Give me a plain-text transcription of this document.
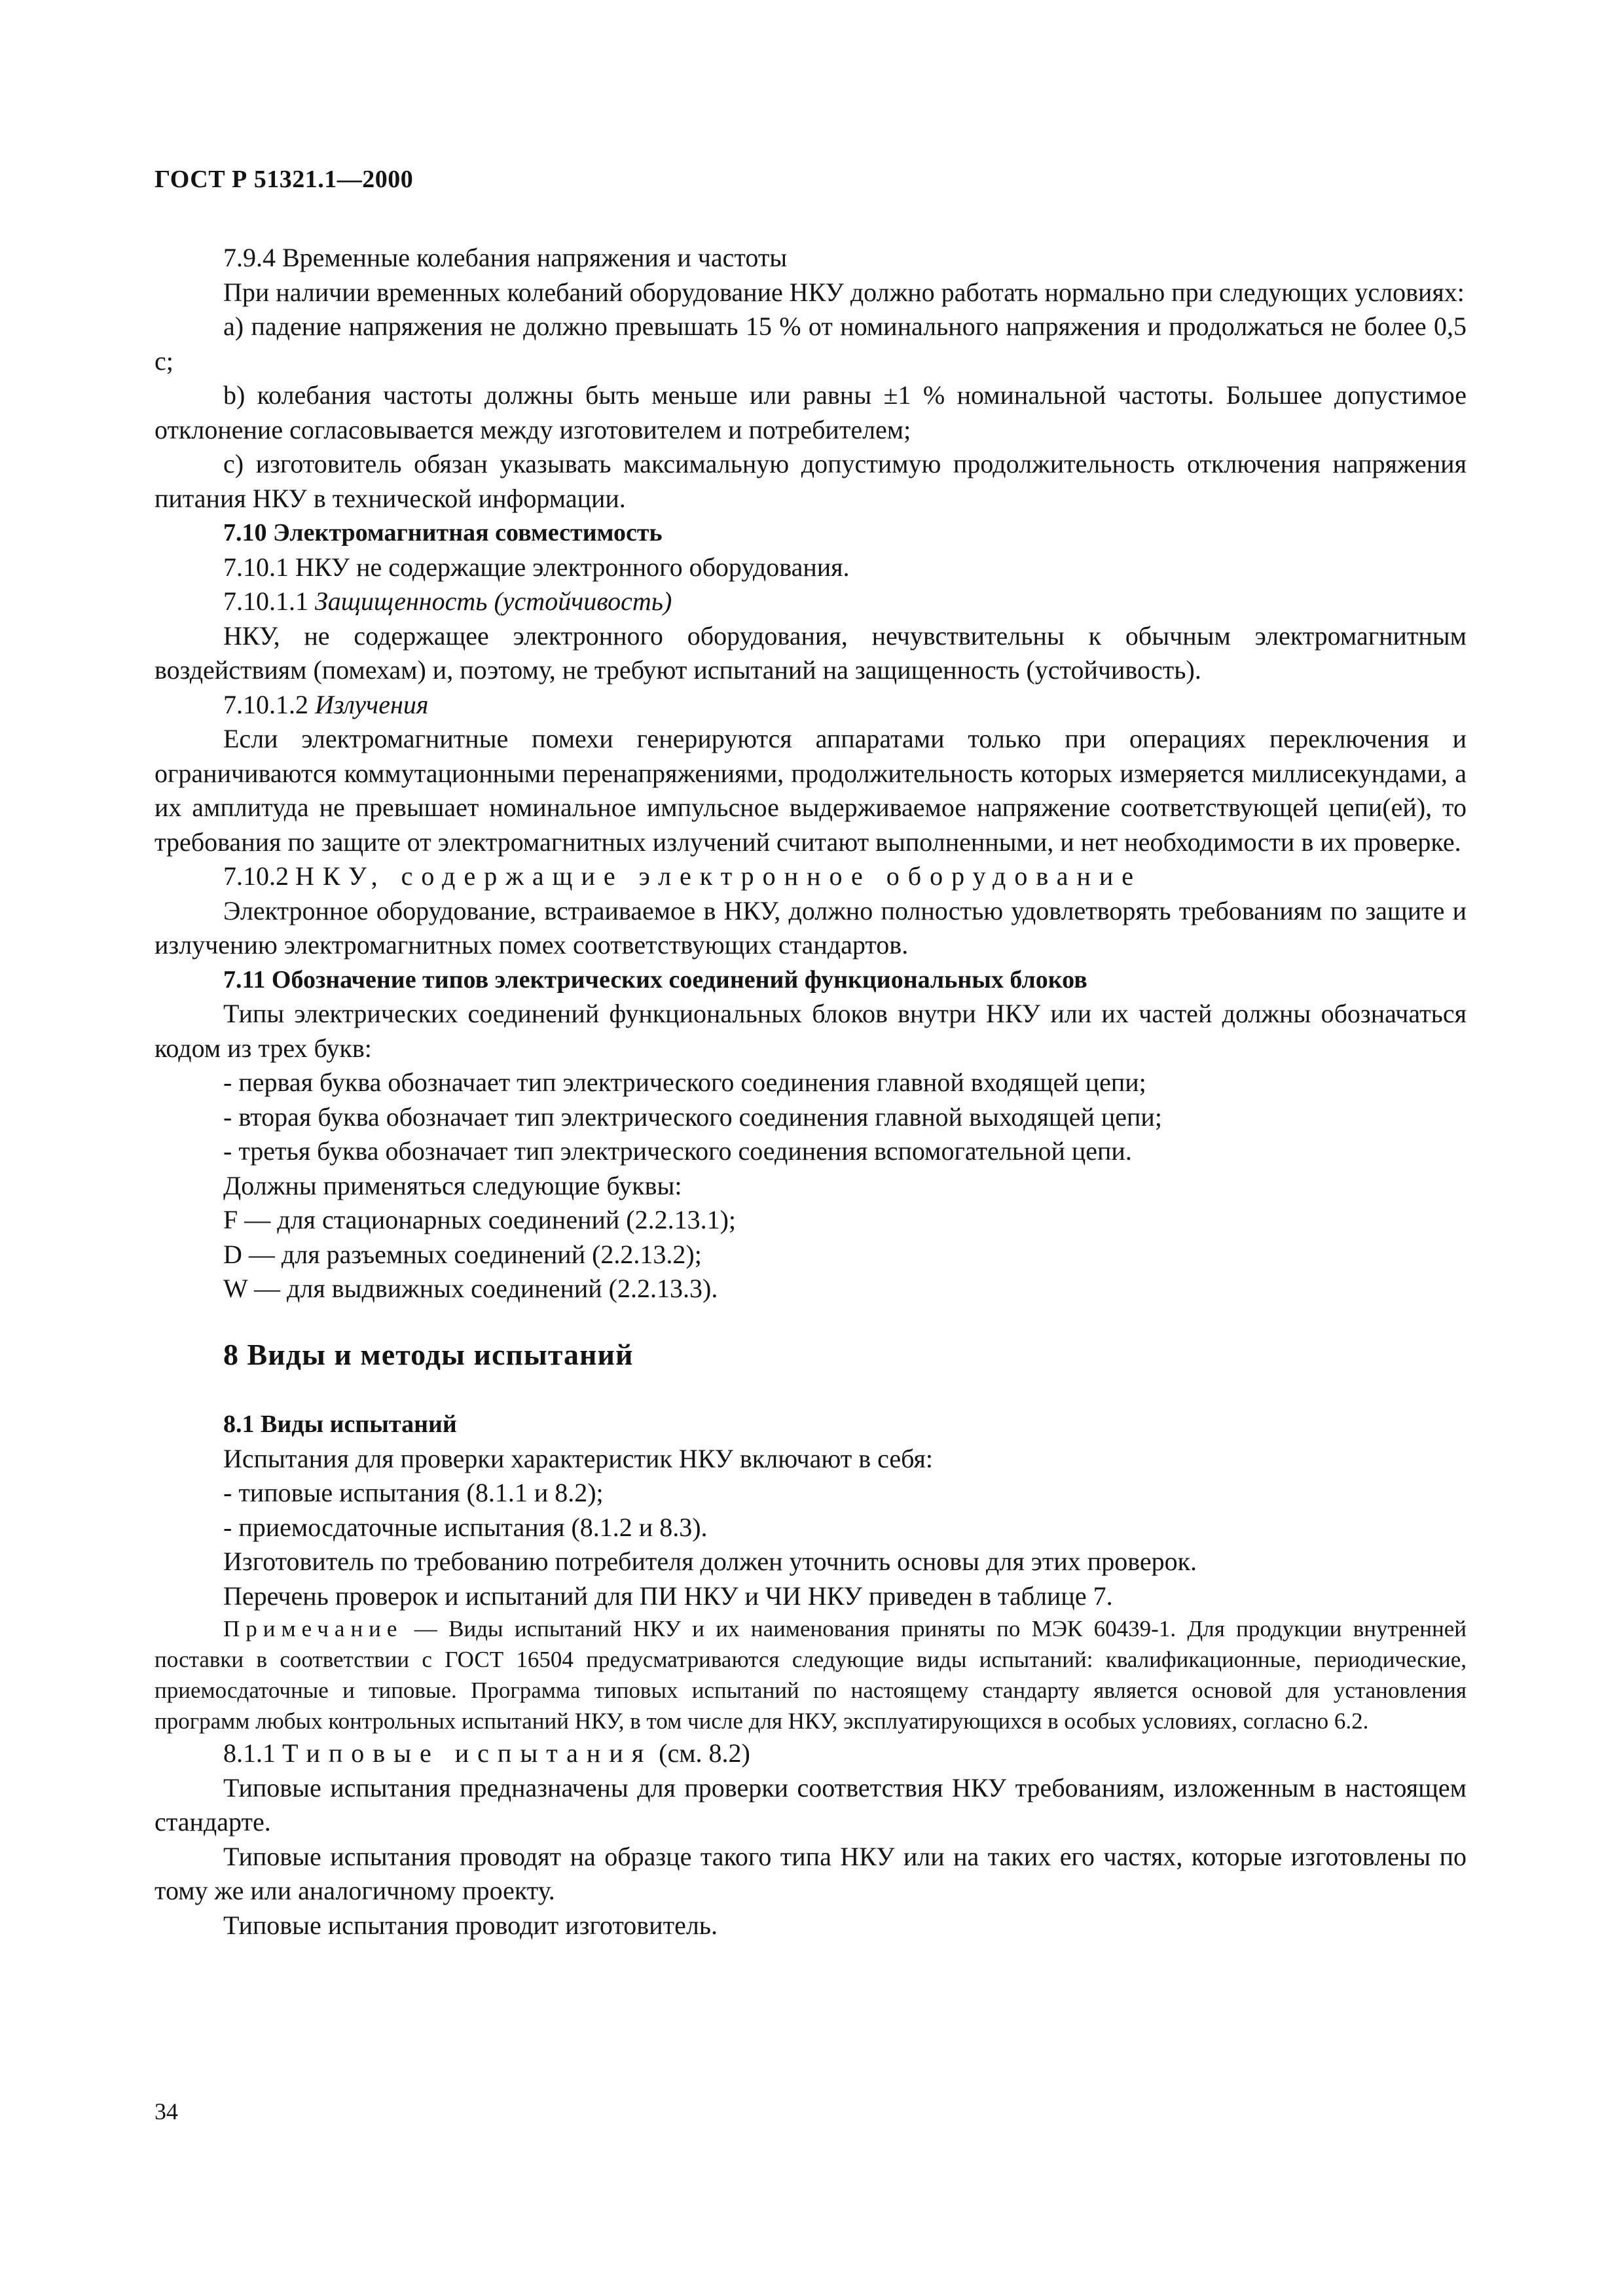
ГОСТ Р 51321.1—2000

7.9.4 Временные колебания напряжения и частоты

При наличии временных колебаний оборудование НКУ должно работать нормально при следующих условиях:

а) падение напряжения не должно превышать 15 % от номинального напряжения и продолжаться не более 0,5 с;

b) колебания частоты должны быть меньше или равны ±1 % номинальной частоты. Большее допустимое отклонение согласовывается между изготовителем и потребителем;

с) изготовитель обязан указывать максимальную допустимую продолжительность отключения напряжения питания НКУ в технической информации.

7.10 Электромагнитная совместимость

7.10.1 НКУ не содержащие электронного оборудования.

7.10.1.1 Защищенность (устойчивость)

НКУ, не содержащее электронного оборудования, нечувствительны к обычным электромагнитным воздействиям (помехам) и, поэтому, не требуют испытаний на защищенность (устойчивость).

7.10.1.2 Излучения

Если электромагнитные помехи генерируются аппаратами только при операциях переключения и ограничиваются коммутационными перенапряжениями, продолжительность которых измеряется миллисекундами, а их амплитуда не превышает номинальное импульсное выдерживаемое напряжение соответствующей цепи(ей), то требования по защите от электромагнитных излучений считают выполненными, и нет необходимости в их проверке.

7.10.2 НКУ, содержащие электронное оборудование

Электронное оборудование, встраиваемое в НКУ, должно полностью удовлетворять требованиям по защите и излучению электромагнитных помех соответствующих стандартов.

7.11 Обозначение типов электрических соединений функциональных блоков

Типы электрических соединений функциональных блоков внутри НКУ или их частей должны обозначаться кодом из трех букв:

- первая буква обозначает тип электрического соединения главной входящей цепи;

- вторая буква обозначает тип электрического соединения главной выходящей цепи;

- третья буква обозначает тип электрического соединения вспомогательной цепи.

Должны применяться следующие буквы:

F — для стационарных соединений (2.2.13.1);

D — для разъемных соединений (2.2.13.2);

W — для выдвижных соединений (2.2.13.3).

8 Виды и методы испытаний

8.1 Виды испытаний

Испытания для проверки характеристик НКУ включают в себя:

- типовые испытания (8.1.1 и 8.2);

- приемосдаточные испытания (8.1.2 и 8.3).

Изготовитель по требованию потребителя должен уточнить основы для этих проверок.

Перечень проверок и испытаний для ПИ НКУ и ЧИ НКУ приведен в таблице 7.

Примечание — Виды испытаний НКУ и их наименования приняты по МЭК 60439-1. Для продукции внутренней поставки в соответствии с ГОСТ 16504 предусматриваются следующие виды испытаний: квалификационные, периодические, приемосдаточные и типовые. Программа типовых испытаний по настоящему стандарту является основой для установления программ любых контрольных испытаний НКУ, в том числе для НКУ, эксплуатирующихся в особых условиях, согласно 6.2.

8.1.1 Типовые испытания (см. 8.2)

Типовые испытания предназначены для проверки соответствия НКУ требованиям, изложенным в настоящем стандарте.

Типовые испытания проводят на образце такого типа НКУ или на таких его частях, которые изготовлены по тому же или аналогичному проекту.

Типовые испытания проводит изготовитель.

34
